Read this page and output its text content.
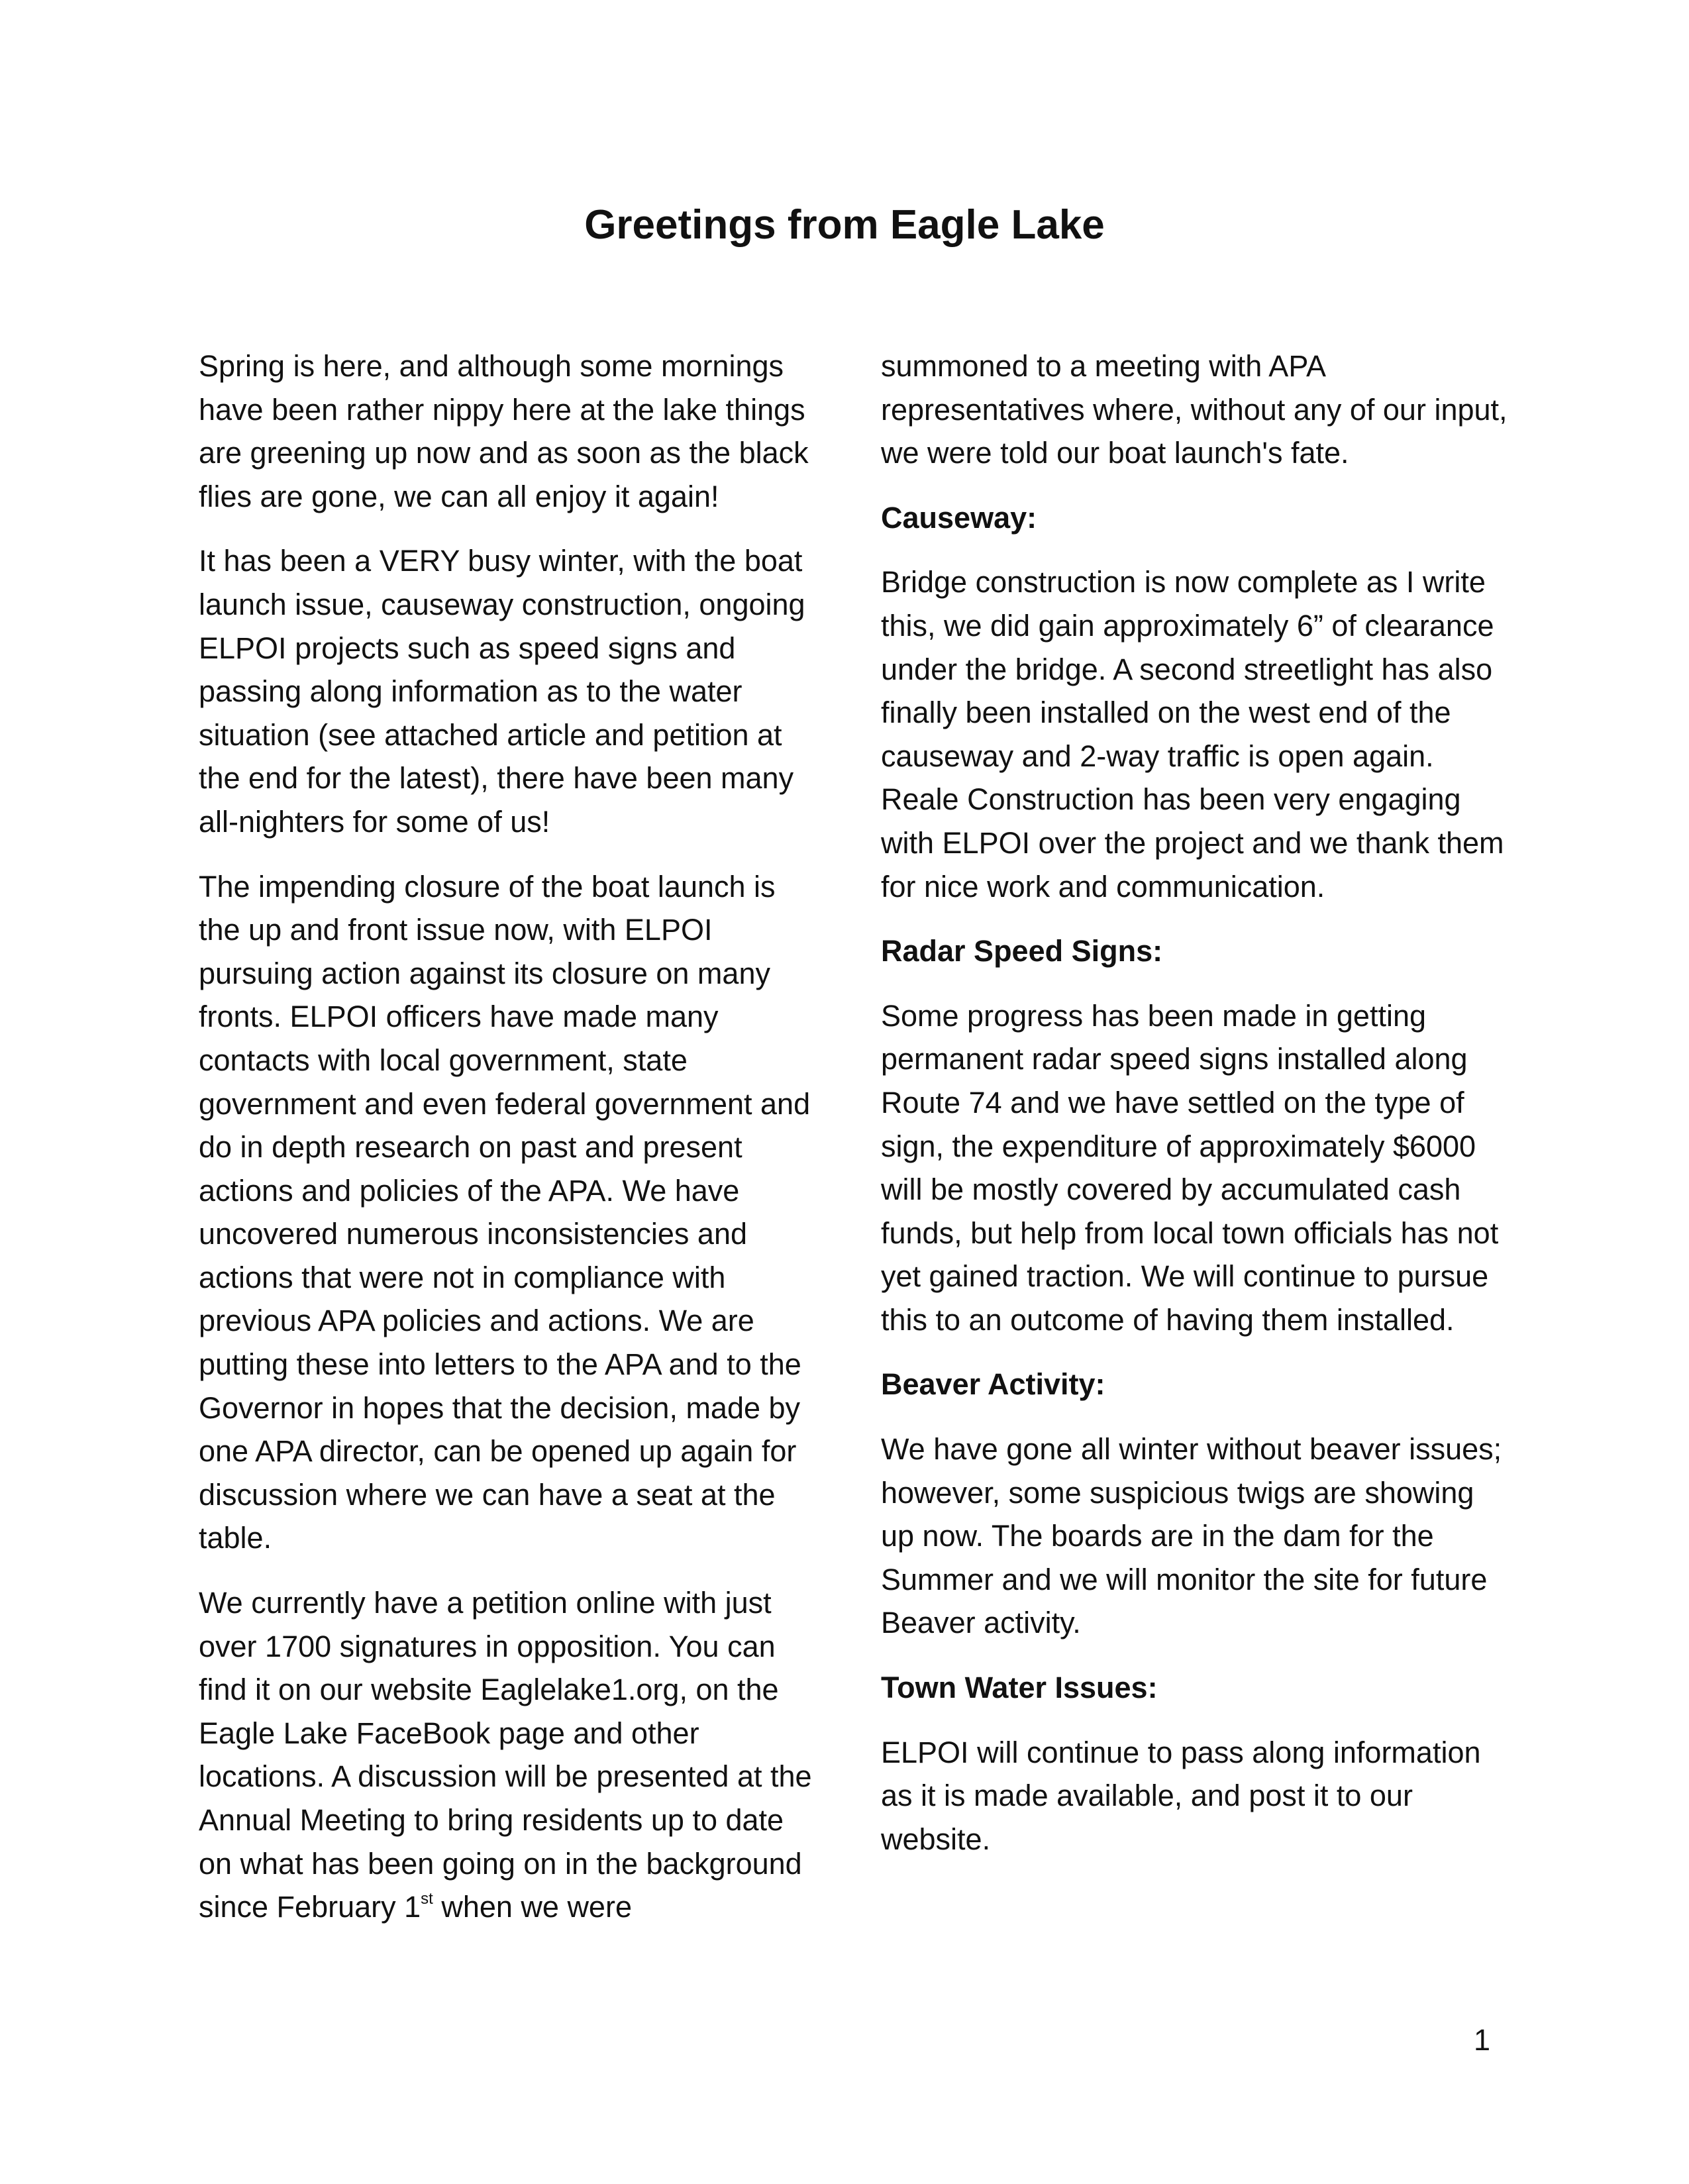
Greetings from Eagle Lake

Spring is here, and although some mornings have been rather nippy here at the lake things are greening up now and as soon as the black flies are gone, we can all enjoy it again!

It has been a VERY busy winter, with the boat launch issue, causeway construction, ongoing ELPOI projects such as speed signs and passing along information as to the water situation (see attached article and petition at the end for the latest), there have been many all-nighters for some of us!

The impending closure of the boat launch is the up and front issue now, with ELPOI pursuing action against its closure on many fronts. ELPOI officers have made many contacts with local government, state government and even federal government and do in depth research on past and present actions and policies of the APA. We have uncovered numerous inconsistencies and actions that were not in compliance with previous APA policies and actions. We are putting these into letters to the APA and to the Governor in hopes that the decision, made by one APA director, can be opened up again for discussion where we can have a seat at the table.

We currently have a petition online with just over 1700 signatures in opposition. You can find it on our website Eaglelake1.org, on the Eagle Lake FaceBook page and other locations. A discussion will be presented at the Annual Meeting to bring residents up to date on what has been going on in the background since February 1st when we were

summoned to a meeting with APA representatives where, without any of our input, we were told our boat launch's fate.

Causeway:

Bridge construction is now complete as I write this, we did gain approximately 6” of clearance under the bridge. A second streetlight has also finally been installed on the west end of the causeway and 2-way traffic is open again. Reale Construction has been very engaging with ELPOI over the project and we thank them for nice work and communication.

Radar Speed Signs:

Some progress has been made in getting permanent radar speed signs installed along Route 74 and we have settled on the type of sign, the expenditure of approximately $6000 will be mostly covered by accumulated cash funds, but help from local town officials has not yet gained traction. We will continue to pursue this to an outcome of having them installed.

Beaver Activity:

We have gone all winter without beaver issues; however, some suspicious twigs are showing up now. The boards are in the dam for the Summer and we will monitor the site for future Beaver activity.

Town Water Issues:

ELPOI will continue to pass along information as it is made available, and post it to our website.

1
